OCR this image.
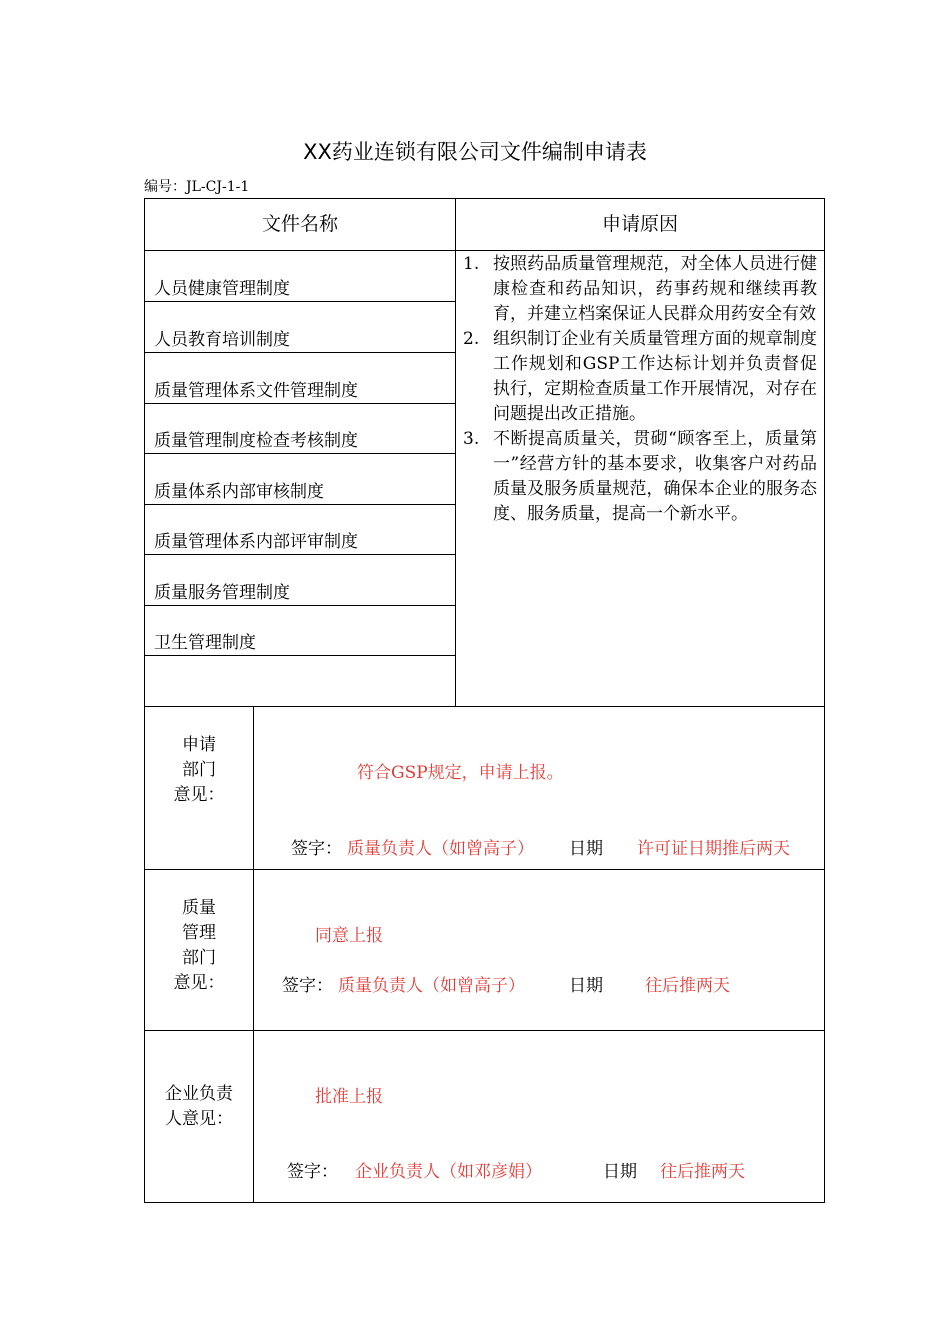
XX药业连锁有限公司文件编制申请表
编号：JL-CJ-1-1
文件名称	申请原因
人员健康管理制度
人员教育培训制度
质量管理体系文件管理制度
质量管理制度检查考核制度
质量体系内部审核制度
质量管理体系内部评审制度
质量服务管理制度
卫生管理制度
1. 按照药品质量管理规范，对全体人员进行健康检查和药品知识，药事药规和继续再教育，并建立档案保证人民群众用药安全有效
2. 组织制订企业有关质量管理方面的规章制度工作规划和GSP工作达标计划并负责督促执行，定期检查质量工作开展情况，对存在问题提出改正措施。
3. 不断提高质量关，贯砌“顾客至上，质量第一”经营方针的基本要求，收集客户对药品质量及服务质量规范，确保本企业的服务态度、服务质量，提高一个新水平。
申请
部门
意见：
符合GSP规定，申请上报。
签字： 质量负责人（如曾高子） 日期 许可证日期推后两天
质量
管理
部门
意见：
同意上报
签字： 质量负责人（如曾高子）	日期 往后推两天
企业负责
人意见：
批准上报
签字： 企业负责人（如邓彦娟）	日期 往后推两天
